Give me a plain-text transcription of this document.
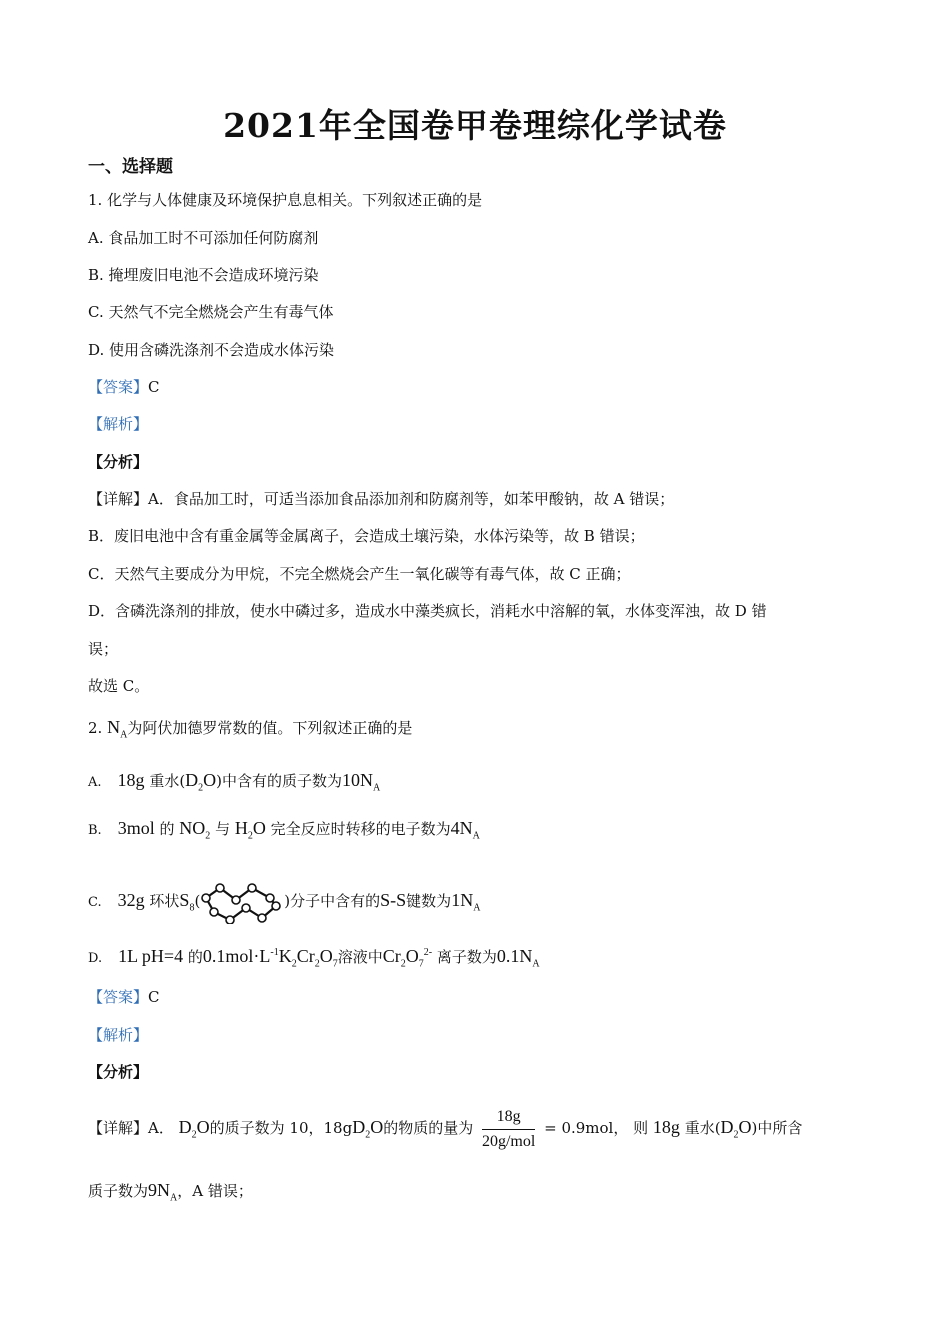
2021年全国卷甲卷理综化学试卷
一、选择题
1. 化学与人体健康及环境保护息息相关。下列叙述正确的是
A. 食品加工时不可添加任何防腐剂
B. 掩埋废旧电池不会造成环境污染
C. 天然气不完全燃烧会产生有毒气体
D. 使用含磷洗涤剂不会造成水体污染
【答案】C
【解析】
【分析】
【详解】A．食品加工时，可适当添加食品添加剂和防腐剂等，如苯甲酸钠，故 A 错误；
B．废旧电池中含有重金属等金属离子，会造成土壤污染，水体污染等，故 B 错误；
C．天然气主要成分为甲烷，不完全燃烧会产生一氧化碳等有毒气体，故 C 正确；
D．含磷洗涤剂的排放，使水中磷过多，造成水中藻类疯长，消耗水中溶解的氧，水体变浑浊，故 D 错
误；
故选 C。
2. $N_A$为阿伏加德罗常数的值。下列叙述正确的是
A. 18g 重水$(D_2O)$中含有的质子数为$10N_A$
B. 3mol 的 $NO_2$ 与 $H_2O$ 完全反应时转移的电子数为$4N_A$
C. 32g 环状$S_8$(	)分子中含有的S-S键数为$1N_A$
D. 1L pH=4 的$0.1mol\cdot L^{-1}K_2Cr_2O_7$溶液中$Cr_2O_7^{2-}$ 离子数为$0.1N_A$
【答案】C
【解析】
【分析】
【详解】A． $D_2O$的质子数为 10，$18gD_2O$的物质的量为 $\frac{18g}{\text{20g/mol}} = 0.9mol$， 则 18g 重水$(D_2O)$中所含
质子数为$9N_A$，A 错误；
